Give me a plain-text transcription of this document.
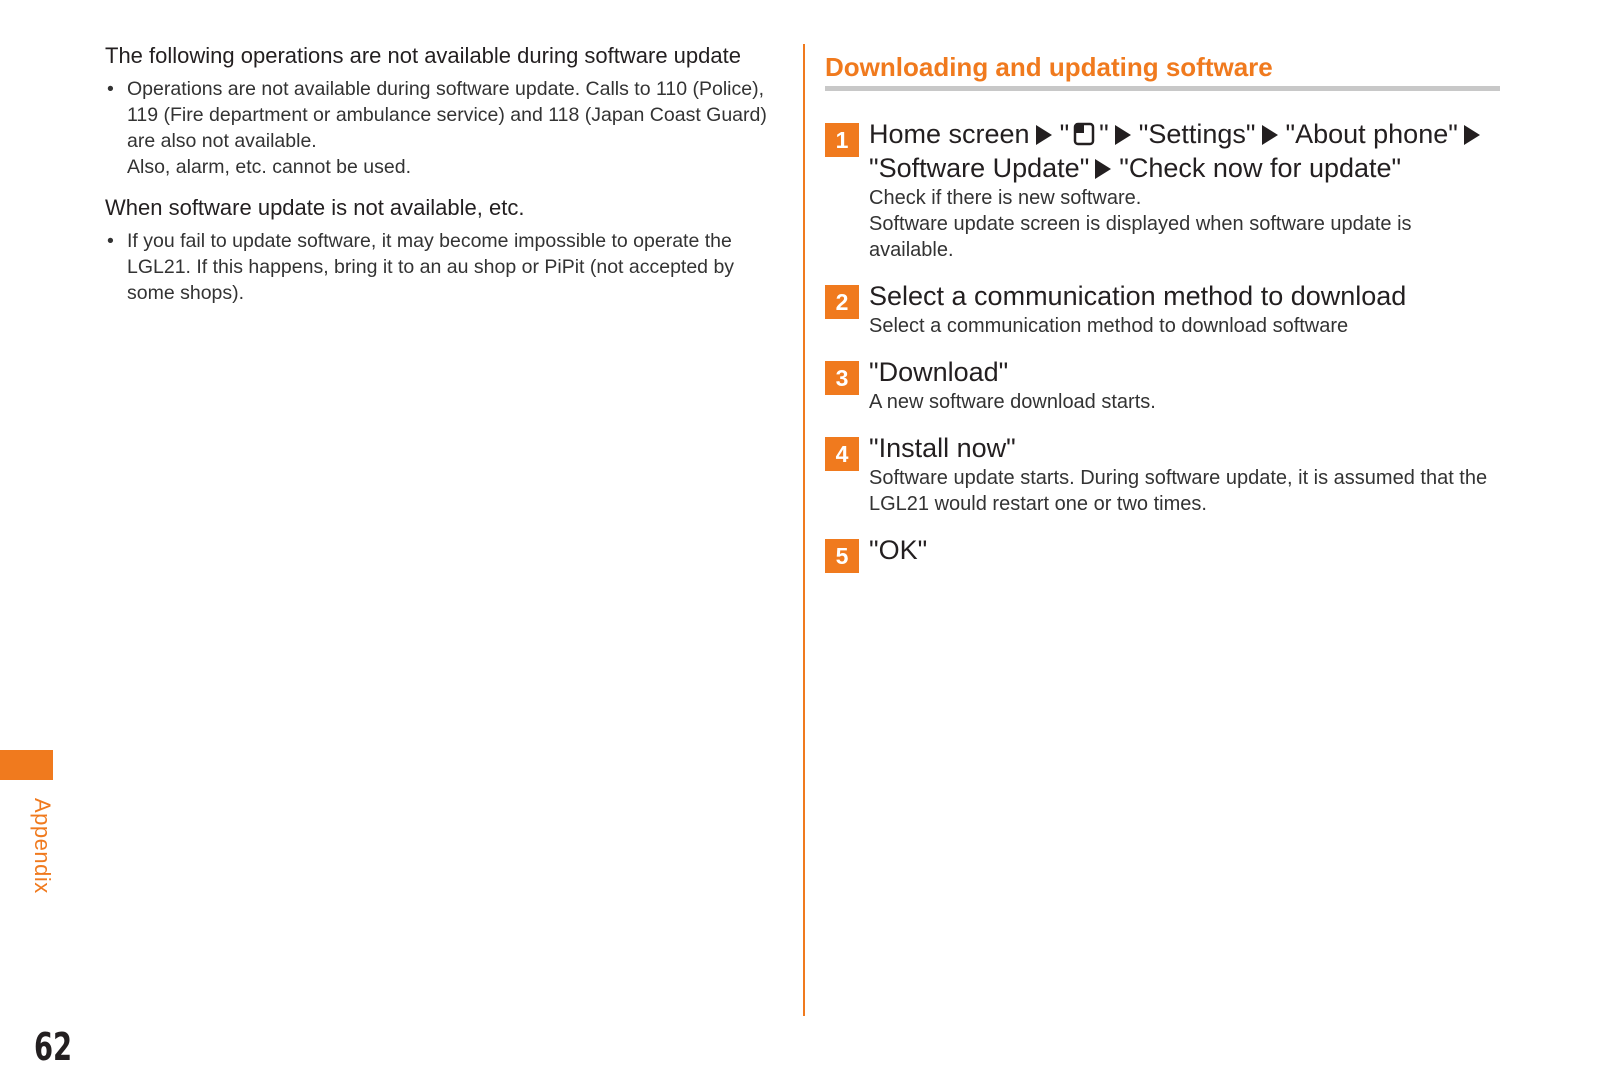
The following operations are not available during software update
• Operations are not available during software update. Calls to 110 (Police), 119 (Fire department or ambulance service) and 118 (Japan Coast Guard) are also not available.

Also, alarm, etc. cannot be used.

When software update is not available, etc.
• If you fail to update software, it may become impossible to operate the LGL21. If this happens, bring it to an au shop or PiPit (not accepted by some shops).

Downloading and updating software
1 Home screen " " "Settings" "About phone""Software Update" "Check now for update"

Check if there is new software.

Software update screen is displayed when software update is available.

2 Select a communication method to download

Select a communication method to download software

3 "Download"

A new software download starts.

4 "Install now"

Software update starts. During software update, it is assumed that the LGL21 would restart one or two times.

5 "OK"
Appendix
62
